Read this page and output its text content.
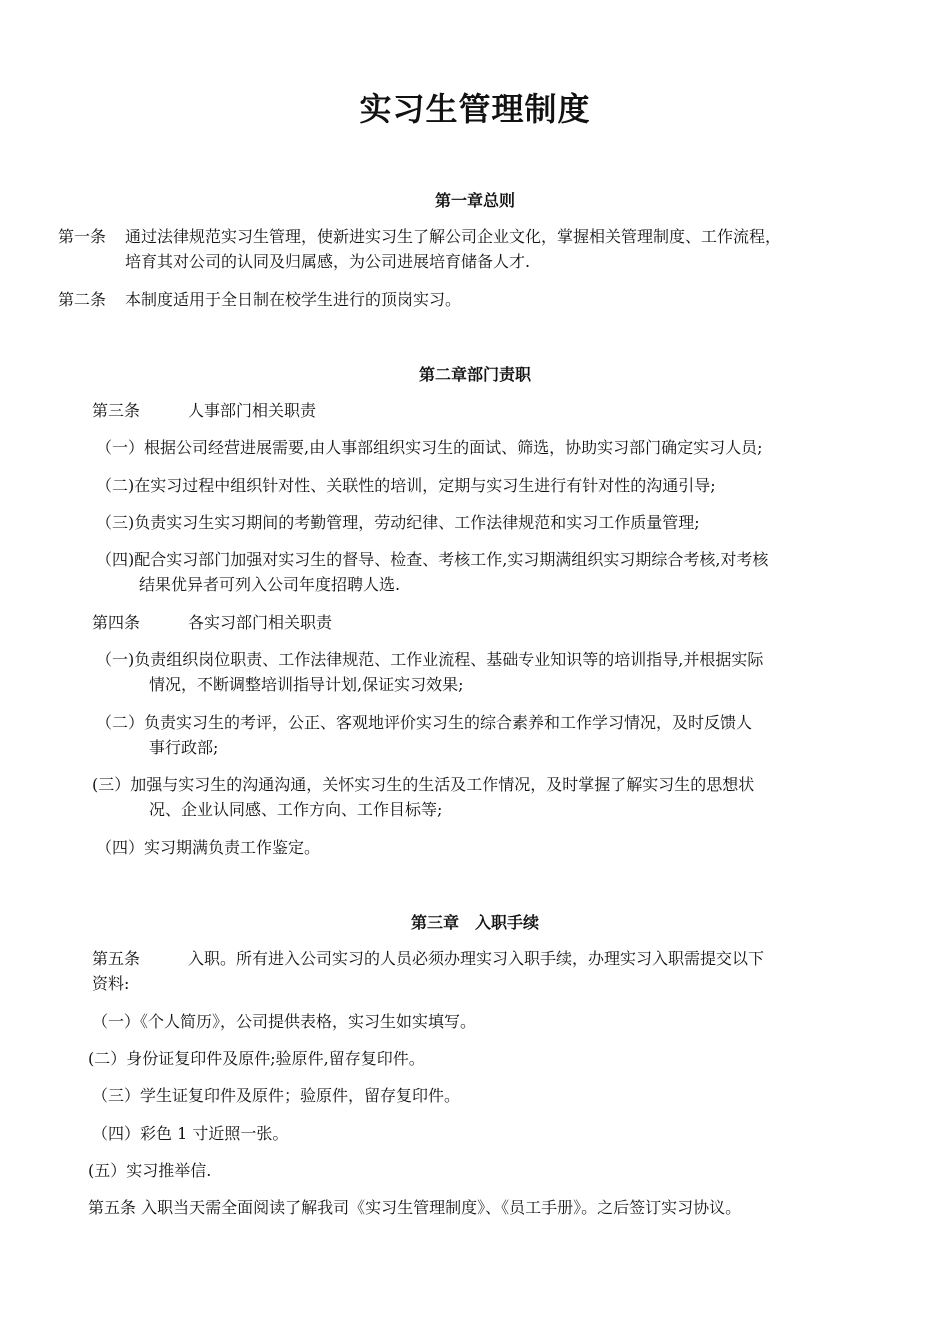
实习生管理制度
第一章总则
第一条 通过法律规范实习生管理，使新进实习生了解公司企业文化，掌握相关管理制度、工作流程，
培育其对公司的认同及归属感，为公司进展培育储备人才.
第二条 本制度适用于全日制在校学生进行的顶岗实习。
第二章部门责职
第三条	人事部门相关职责
（一）根据公司经营进展需要,由人事部组织实习生的面试、筛选，协助实习部门确定实习人员;
（二)在实习过程中组织针对性、关联性的培训，定期与实习生进行有针对性的沟通引导;
（三)负责实习生实习期间的考勤管理，劳动纪律、工作法律规范和实习工作质量管理;
（四)配合实习部门加强对实习生的督导、检查、考核工作,实习期满组织实习期综合考核,对考核
结果优异者可列入公司年度招聘人选.
第四条	各实习部门相关职责
（一)负责组织岗位职责、工作法律规范、工作业流程、基础专业知识等的培训指导,并根据实际
情况，不断调整培训指导计划,保证实习效果;
（二）负责实习生的考评，公正、客观地评价实习生的综合素养和工作学习情况，及时反馈人
事行政部;
(三）加强与实习生的沟通沟通，关怀实习生的生活及工作情况，及时掌握了解实习生的思想状
况、企业认同感、工作方向、工作目标等;
（四）实习期满负责工作鉴定。
第三章　入职手续
第五条	入职。所有进入公司实习的人员必须办理实习入职手续，办理实习入职需提交以下
资料:
（一）《个人简历》，公司提供表格，实习生如实填写。
(二）身份证复印件及原件;验原件,留存复印件。
（三）学生证复印件及原件；验原件，留存复印件。
（四）彩色 1 寸近照一张。
(五）实习推举信.
第五条 入职当天需全面阅读了解我司《实习生管理制度》、《员工手册》。之后签订实习协议。
